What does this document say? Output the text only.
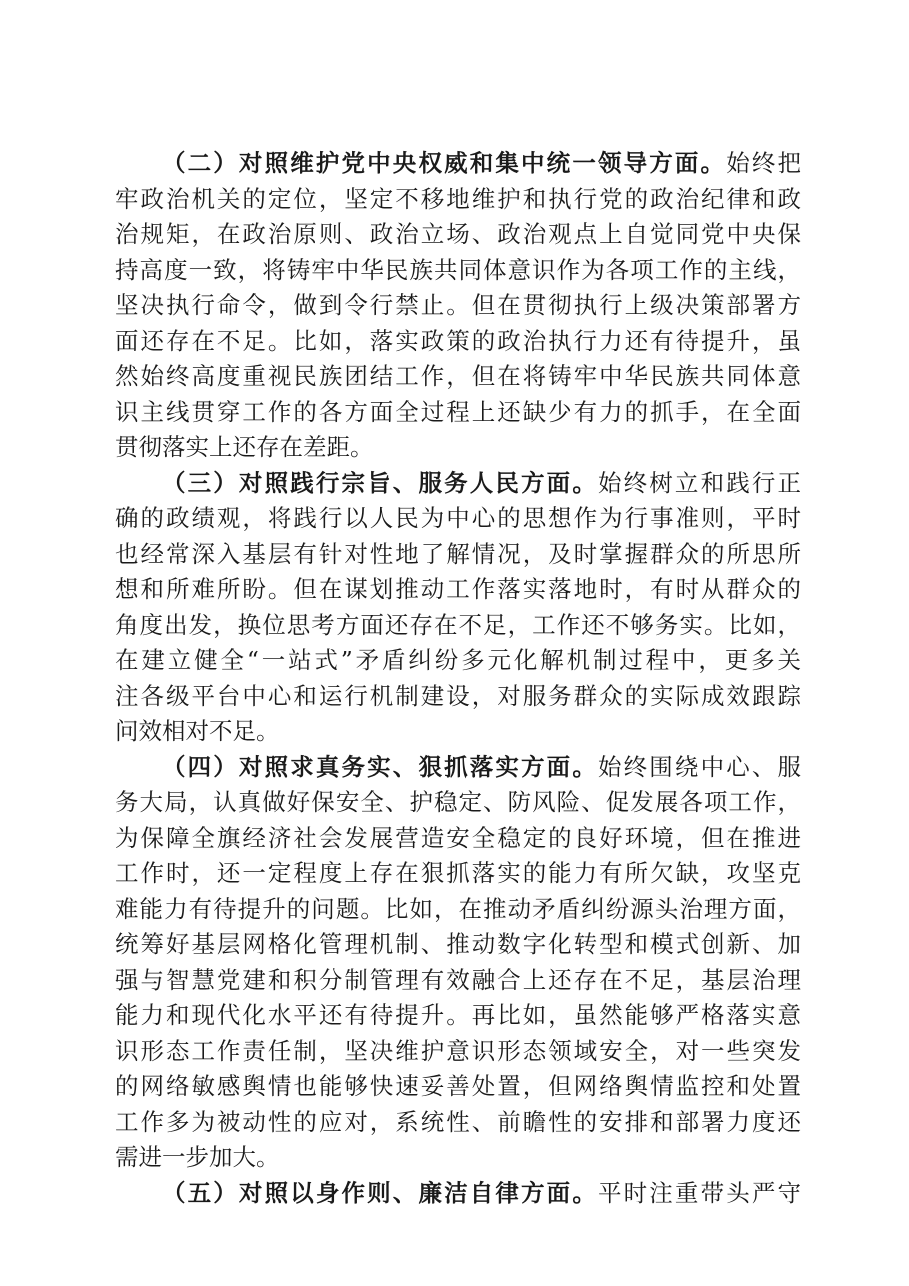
（二）对照维护党中央权威和集中统一领导方面。始终把
牢政治机关的定位，坚定不移地维护和执行党的政治纪律和政
治规矩，在政治原则、政治立场、政治观点上自觉同党中央保
持高度一致，将铸牢中华民族共同体意识作为各项工作的主线，
坚决执行命令，做到令行禁止。但在贯彻执行上级决策部署方
面还存在不足。比如，落实政策的政治执行力还有待提升，虽
然始终高度重视民族团结工作，但在将铸牢中华民族共同体意
识主线贯穿工作的各方面全过程上还缺少有力的抓手，在全面
贯彻落实上还存在差距。
（三）对照践行宗旨、服务人民方面。始终树立和践行正
确的政绩观，将践行以人民为中心的思想作为行事准则，平时
也经常深入基层有针对性地了解情况，及时掌握群众的所思所
想和所难所盼。但在谋划推动工作落实落地时，有时从群众的
角度出发，换位思考方面还存在不足，工作还不够务实。比如，
在建立健全“一站式”矛盾纠纷多元化解机制过程中，更多关
注各级平台中心和运行机制建设，对服务群众的实际成效跟踪
问效相对不足。
（四）对照求真务实、狠抓落实方面。始终围绕中心、服
务大局，认真做好保安全、护稳定、防风险、促发展各项工作，
为保障全旗经济社会发展营造安全稳定的良好环境，但在推进
工作时，还一定程度上存在狠抓落实的能力有所欠缺，攻坚克
难能力有待提升的问题。比如，在推动矛盾纠纷源头治理方面，
统筹好基层网格化管理机制、推动数字化转型和模式创新、加
强与智慧党建和积分制管理有效融合上还存在不足，基层治理
能力和现代化水平还有待提升。再比如，虽然能够严格落实意
识形态工作责任制，坚决维护意识形态领域安全，对一些突发
的网络敏感舆情也能够快速妥善处置，但网络舆情监控和处置
工作多为被动性的应对，系统性、前瞻性的安排和部署力度还
需进一步加大。
（五）对照以身作则、廉洁自律方面。平时注重带头严守
